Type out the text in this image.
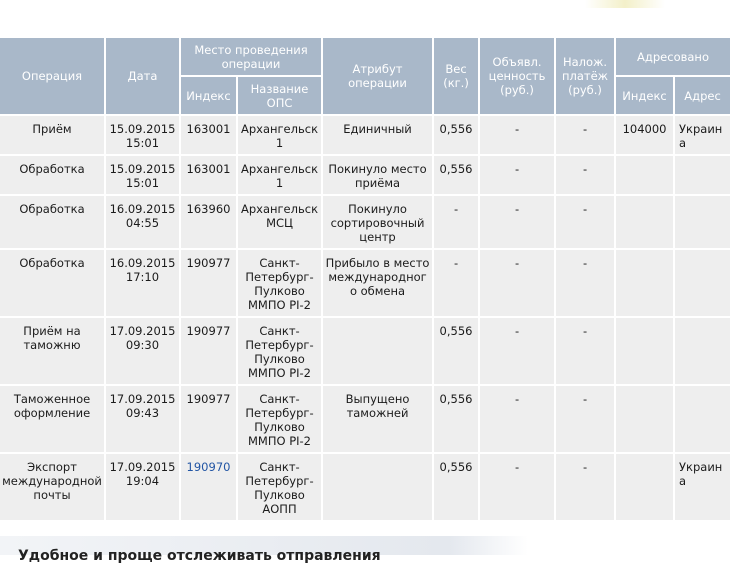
Операция	Дата	Место проведения операции		Атрибут операции	Вес (кг.)	Объявл. ценность (руб.)	Налож. платёж (руб.)	Адресовано	
		Индекс	Название ОПС					Индекс	Адрес
Приём	15.09.2015 15:01	163001	Архангельск 1	Единичный	0,556	-	-	104000	Украина
Обработка	15.09.2015 15:01	163001	Архангельск 1	Покинуло место приёма	0,556	-	-		
Обработка	16.09.2015 04:55	163960	Архангельск МСЦ	Покинуло сортировочный центр	-	-	-		
Обработка	16.09.2015 17:10	190977	Санкт-Петербург-Пулково ММПО PI-2	Прибыло в место международного обмена	-	-	-		
Приём на таможню	17.09.2015 09:30	190977	Санкт-Петербург-Пулково ММПО PI-2		0,556	-	-		
Таможенное оформление	17.09.2015 09:43	190977	Санкт-Петербург-Пулково ММПО PI-2	Выпущено таможней	0,556	-	-		
Экспорт международной почты	17.09.2015 19:04	190970	Санкт-Петербург-Пулково АОПП		0,556	-	-		Украина
Удобное и проще отслеживать отправления
